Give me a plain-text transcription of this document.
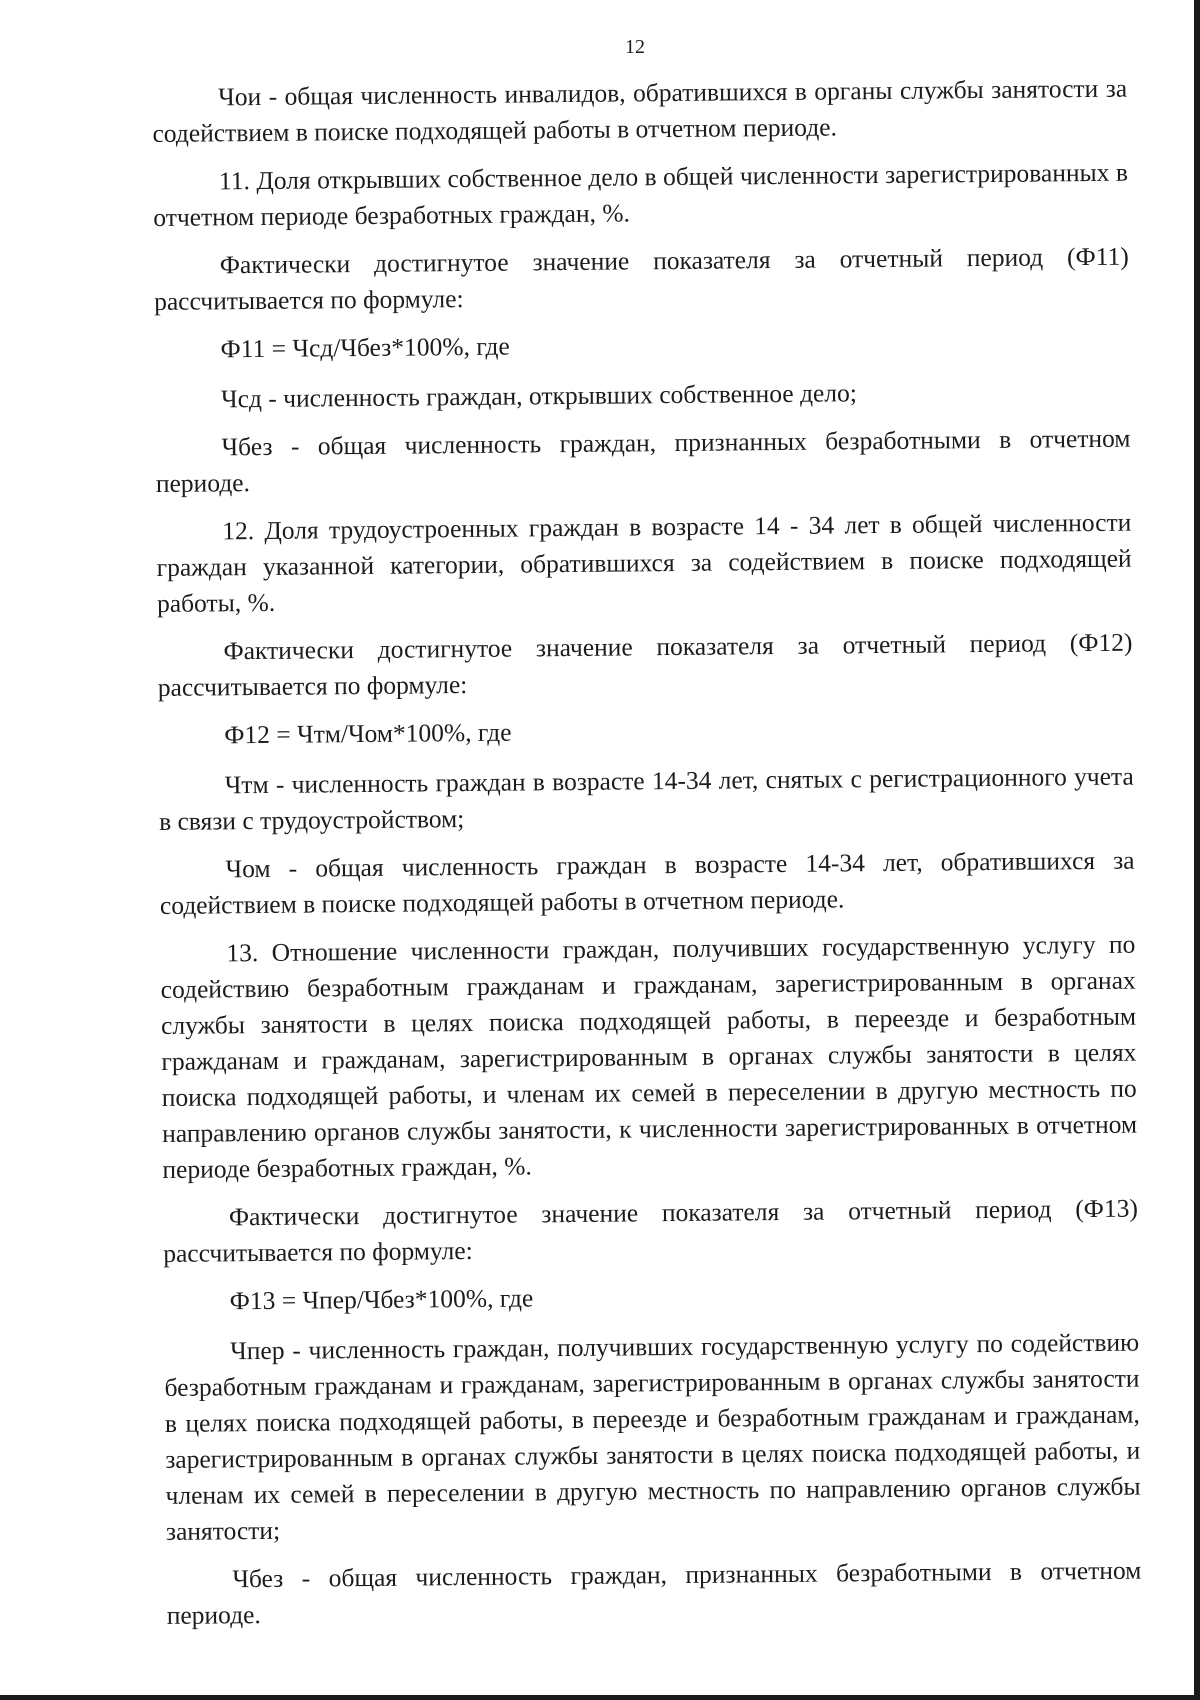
12

Чои - общая численность инвалидов, обратившихся в органы службы занятости за содействием в поиске подходящей работы в отчетном периоде.

11. Доля открывших собственное дело в общей численности зарегистрированных в отчетном периоде безработных граждан, %.

Фактически достигнутое значение показателя за отчетный период (Ф11) рассчитывается по формуле:

Ф11 = Чсд/Чбез*100%, где

Чсд - численность граждан, открывших собственное дело;

Чбез - общая численность граждан, признанных безработными в отчетном периоде.

12. Доля трудоустроенных граждан в возрасте 14 - 34 лет в общей численности граждан указанной категории, обратившихся за содействием в поиске подходящей работы, %.

Фактически достигнутое значение показателя за отчетный период (Ф12) рассчитывается по формуле:

Ф12 = Чтм/Чом*100%, где

Чтм - численность граждан в возрасте 14-34 лет, снятых с регистрационного учета в связи с трудоустройством;

Чом - общая численность граждан в возрасте 14-34 лет, обратившихся за содействием в поиске подходящей работы в отчетном периоде.

13. Отношение численности граждан, получивших государственную услугу по содействию безработным гражданам и гражданам, зарегистрированным в органах службы занятости в целях поиска подходящей работы, в переезде и безработным гражданам и гражданам, зарегистрированным в органах службы занятости в целях поиска подходящей работы, и членам их семей в переселении в другую местность по направлению органов службы занятости, к численности зарегистрированных в отчетном периоде безработных граждан, %.

Фактически достигнутое значение показателя за отчетный период (Ф13) рассчитывается по формуле:

Ф13 = Чпер/Чбез*100%, где

Чпер - численность граждан, получивших государственную услугу по содействию безработным гражданам и гражданам, зарегистрированным в органах службы занятости в целях поиска подходящей работы, в переезде и безработным гражданам и гражданам, зарегистрированным в органах службы занятости в целях поиска подходящей работы, и членам их семей в переселении в другую местность по направлению органов службы занятости;

Чбез - общая численность граждан, признанных безработными в отчетном периоде.
